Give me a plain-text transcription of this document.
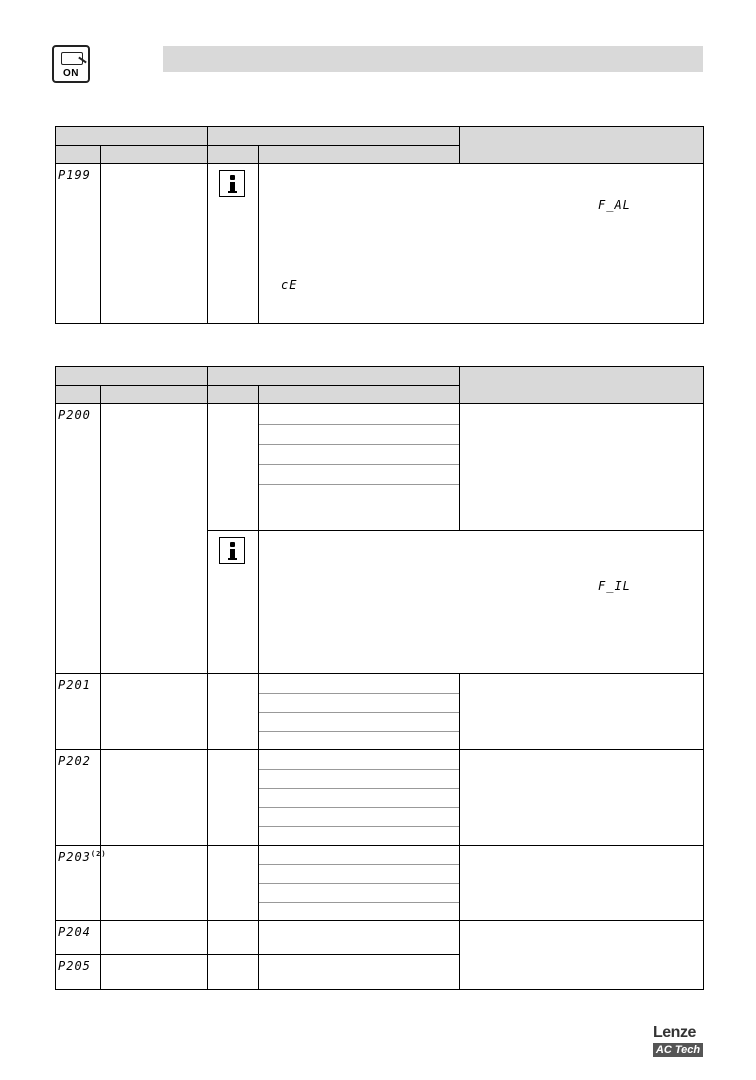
ON

P199			F_AL
cE	

P200				

			F_IL	

P201				

P202				

P203$^{(2)}$

P204				

P205				

Lenze
AC Tech
